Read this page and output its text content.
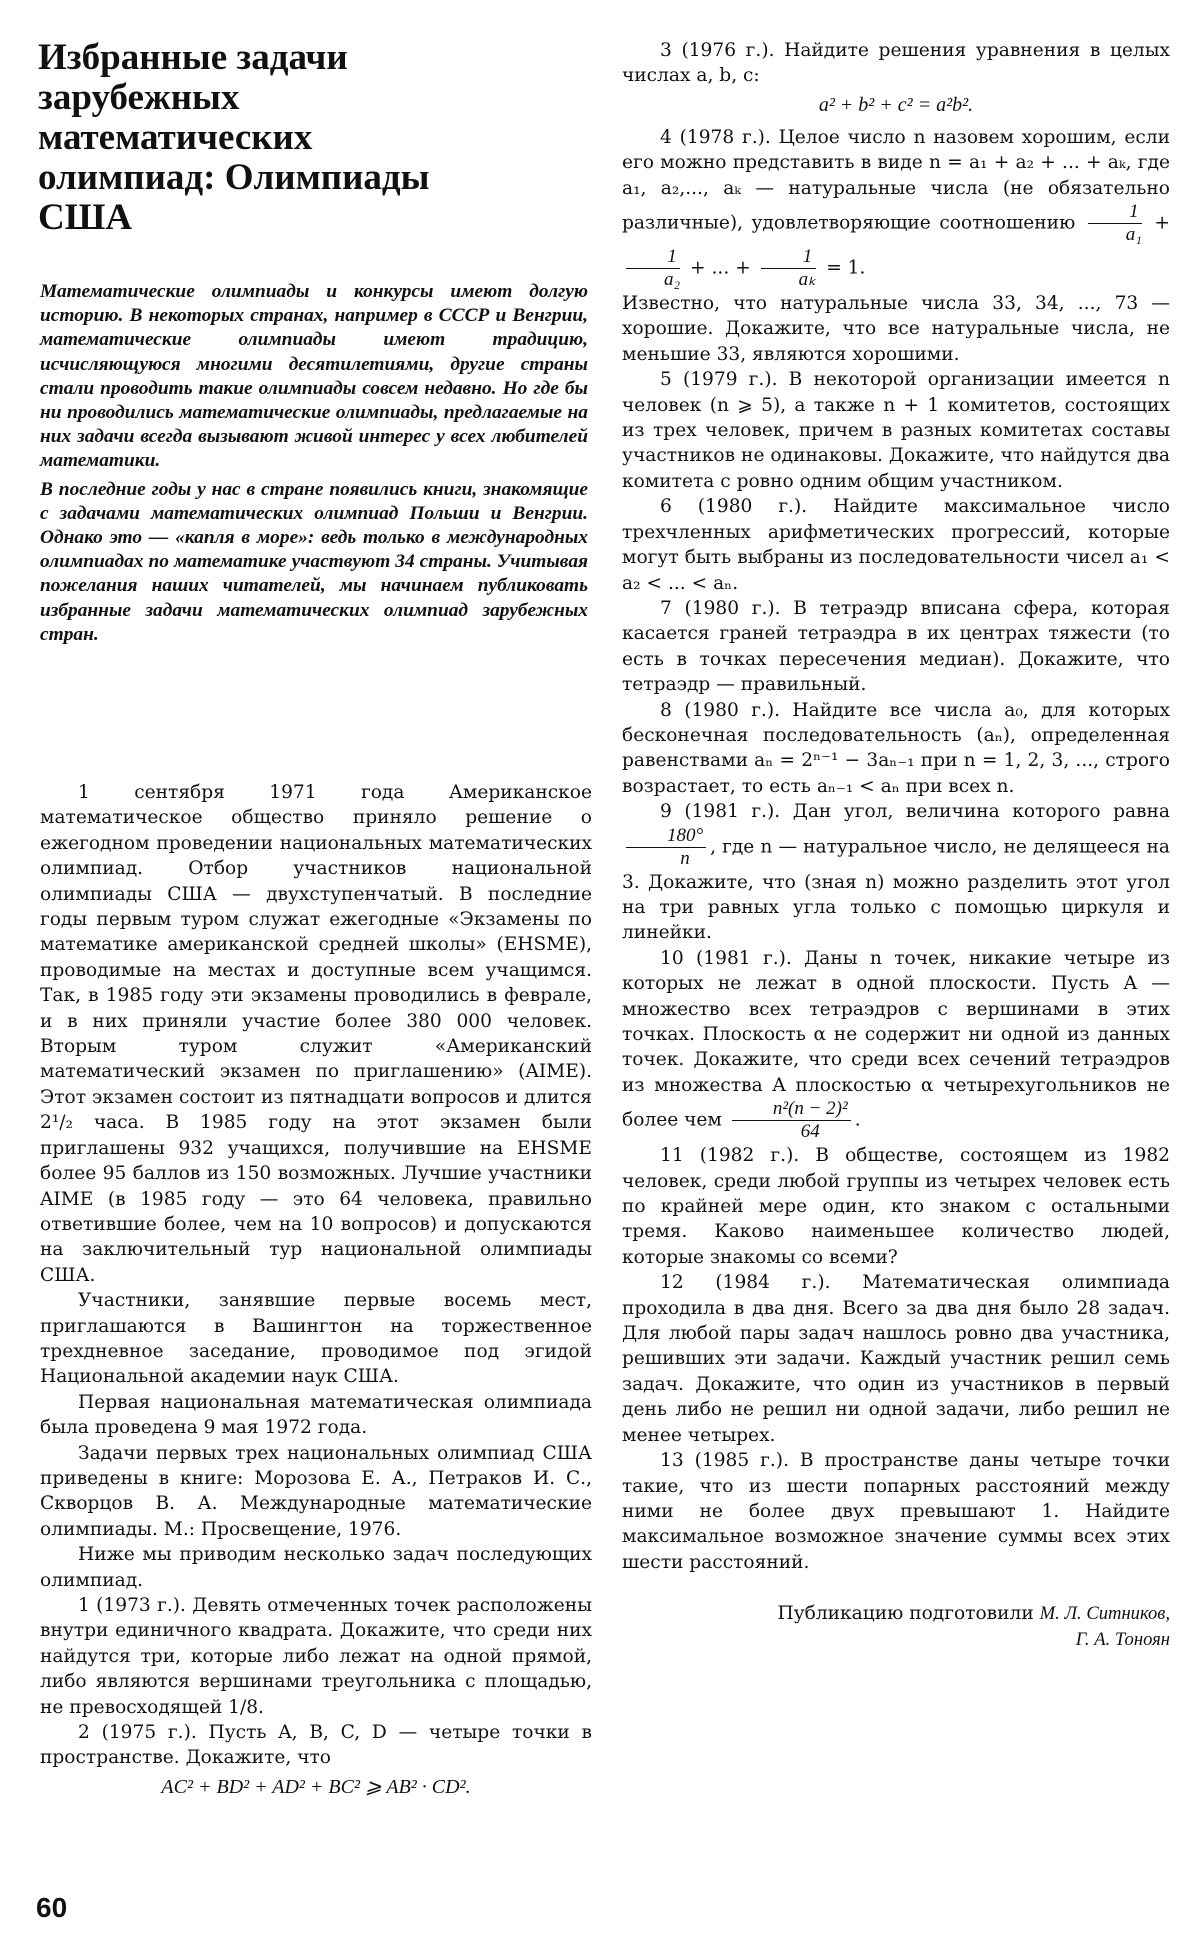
Избранные задачи зарубежных математических олимпиад: Олимпиады США

Математические олимпиады и конкурсы имеют долгую историю. В некоторых странах, например в СССР и Венгрии, математические олимпиады имеют традицию, исчисляющуюся многими десятилетиями, другие страны стали проводить такие олимпиады совсем недавно. Но где бы ни проводились математические олимпиады, предлагаемые на них задачи всегда вызывают живой интерес у всех любителей математики.

В последние годы у нас в стране появились книги, знакомящие с задачами математических олимпиад Польши и Венгрии. Однако это — «капля в море»: ведь только в международных олимпиадах по математике участвуют 34 страны. Учитывая пожелания наших читателей, мы начинаем публиковать избранные задачи математических олимпиад зарубежных стран.

1 сентября 1971 года Американское математическое общество приняло решение о ежегодном проведении национальных математических олимпиад. Отбор участников национальной олимпиады США — двухступенчатый. В последние годы первым туром служат ежегодные «Экзамены по математике американской средней школы» (EHSME), проводимые на местах и доступные всем учащимся. Так, в 1985 году эти экзамены проводились в феврале, и в них приняли участие более 380 000 человек. Вторым туром служит «Американский математический экзамен по приглашению» (AIME). Этот экзамен состоит из пятнадцати вопросов и длится 2¹/₂ часа. В 1985 году на этот экзамен были приглашены 932 учащихся, получившие на EHSME более 95 баллов из 150 возможных. Лучшие участники AIME (в 1985 году — это 64 человека, правильно ответившие более, чем на 10 вопросов) и допускаются на заключительный тур национальной олимпиады США.

Участники, занявшие первые восемь мест, приглашаются в Вашингтон на торжественное трехдневное заседание, проводимое под эгидой Национальной академии наук США.

Первая национальная математическая олимпиада была проведена 9 мая 1972 года.

Задачи первых трех национальных олимпиад США приведены в книге: Морозова Е. А., Петраков И. С., Скворцов В. А. Международные математические олимпиады. М.: Просвещение, 1976.

Ниже мы приводим несколько задач последующих олимпиад.

1 (1973 г.). Девять отмеченных точек расположены внутри единичного квадрата. Докажите, что среди них найдутся три, которые либо лежат на одной прямой, либо являются вершинами треугольника с площадью, не превосходящей 1/8.

2 (1975 г.). Пусть A, B, C, D — четыре точки в пространстве. Докажите, что

AC² + BD² + AD² + BC² ⩾ AB² · CD².

3 (1976 г.). Найдите решения уравнения в целых числах a, b, c:

a² + b² + c² = a²b².

4 (1978 г.). Целое число n назовем хорошим, если его можно представить в виде n = a₁ + a₂ + ... + aₖ, где a₁, a₂,..., aₖ — натуральные числа (не обязательно различные), удовлетворяющие соотношению $\frac{1}{\text{a₁}}$ +
$\frac{1}{\text{a₂}}$ + ... + $\frac{1}{\text{aₖ}} = 1$.

Известно, что натуральные числа 33, 34, ..., 73 — хорошие. Докажите, что все натуральные числа, не меньшие 33, являются хорошими.

5 (1979 г.). В некоторой организации имеется n человек (n ⩾ 5), а также n + 1 комитетов, состоящих из трех человек, причем в разных комитетах составы участников не одинаковы. Докажите, что найдутся два комитета с ровно одним общим участником.

6 (1980 г.). Найдите максимальное число трехчленных арифметических прогрессий, которые могут быть выбраны из последовательности чисел a₁ < a₂ < ... < aₙ.

7 (1980 г.). В тетраэдр вписана сфера, которая касается граней тетраэдра в их центрах тяжести (то есть в точках пересечения медиан). Докажите, что тетраэдр — правильный.

8 (1980 г.). Найдите все числа a₀, для которых бесконечная последовательность (aₙ), определенная равенствами aₙ = 2ⁿ⁻¹ − 3aₙ₋₁ при n = 1, 2, 3, ..., строго возрастает, то есть aₙ₋₁ < aₙ при всех n.

9 (1981 г.). Дан угол, величина которого равна
$\frac{180^\circ}{n}$ , где n — натуральное число, не делящееся на 3. Докажите, что (зная n) можно разделить этот угол на три равных угла только с помощью циркуля и линейки.

10 (1981 г.). Даны n точек, никакие четыре из которых не лежат в одной плоскости. Пусть A — множество всех тетраэдров с вершинами в этих точках. Плоскость α не содержит ни одной из данных точек. Докажите, что среди всех сечений тетраэдров из множества A плоскостью α четырехугольников не более чем $\frac{\text{n²(n − 2)²}}{64}$ .

11 (1982 г.). В обществе, состоящем из 1982 человек, среди любой группы из четырех человек есть по крайней мере один, кто знаком с остальными тремя. Каково наименьшее количество людей, которые знакомы со всеми?

12 (1984 г.). Математическая олимпиада проходила в два дня. Всего за два дня было 28 задач. Для любой пары задач нашлось ровно два участника, решивших эти задачи. Каждый участник решил семь задач. Докажите, что один из участников в первый день либо не решил ни одной задачи, либо решил не менее четырех.

13 (1985 г.). В пространстве даны четыре точки такие, что из шести попарных расстояний между ними не более двух превышают 1. Найдите максимальное возможное значение суммы всех этих шести расстояний.

Публикацию подготовили М. Л. Ситников,
Г. А. Тоноян
60
